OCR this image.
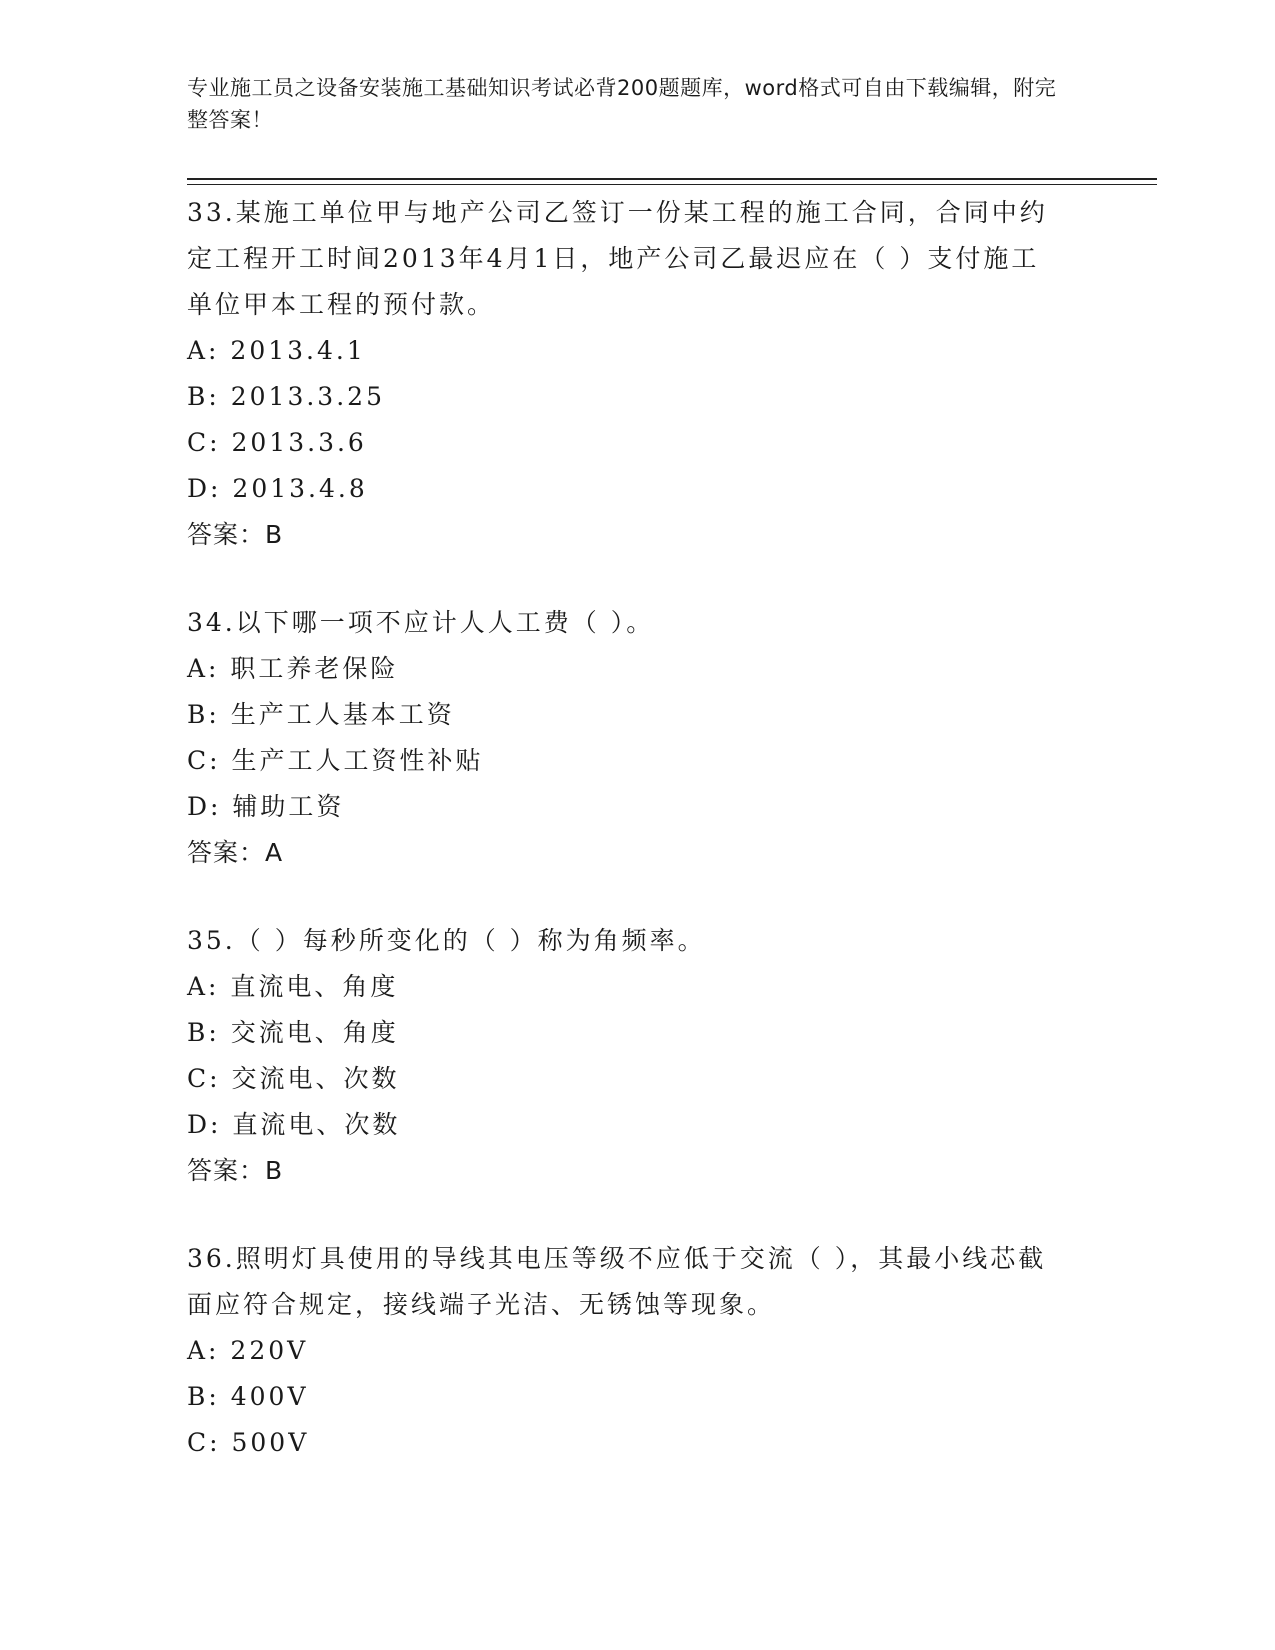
专业施工员之设备安装施工基础知识考试必背200题题库，word格式可自由下载编辑，附完整答案！
33.某施工单位甲与地产公司乙签订一份某工程的施工合同，合同中约定工程开工时间2013年4月1日，地产公司乙最迟应在（ ）支付施工单位甲本工程的预付款。
A: 2013.4.1
B: 2013.3.25
C: 2013.3.6
D: 2013.4.8
答案：B
34.以下哪一项不应计人人工费（ ）。
A: 职工养老保险
B: 生产工人基本工资
C: 生产工人工资性补贴
D: 辅助工资
答案：A
35.（ ）每秒所变化的（ ）称为角频率。
A: 直流电、角度
B: 交流电、角度
C: 交流电、次数
D: 直流电、次数
答案：B
36.照明灯具使用的导线其电压等级不应低于交流（ ），其最小线芯截面应符合规定，接线端子光洁、无锈蚀等现象。
A: 220V
B: 400V
C: 500V
